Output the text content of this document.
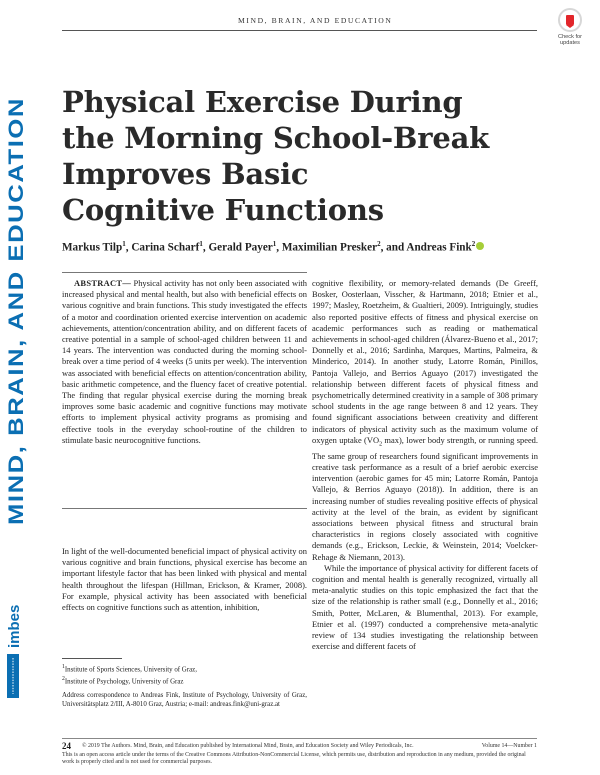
MIND, BRAIN, AND EDUCATION
Check for updates
MIND, BRAIN, AND EDUCATION
imbes
Physical Exercise During
the Morning School-Break
Improves Basic
Cognitive Functions
Markus Tilp$^1$, Carina Scharf$^1$, Gerald Payer$^1$, Maximilian Presker$^2$, and Andreas Fink$^2$

ABSTRACT— Physical activity has not only been associated with increased physical and mental health, but also with beneficial effects on various cognitive and brain functions. This study investigated the effects of a motor and coordination oriented exercise intervention on academic achievements, attention/concentration ability, and on different facets of creative potential in a sample of school-aged children between 11 and 14 years. The intervention was conducted during the morning school-break over a time period of 4 weeks (5 units per week). The intervention was associated with beneficial effects on attention/concentration ability, basic arithmetic competence, and the fluency facet of creative potential. The finding that regular physical exercise during the morning break improves some basic academic and cognitive functions may motivate efforts to implement physical activity programs as promising and effective tools in the everyday school-routine of the children to stimulate basic neurocognitive functions.

In light of the well-documented beneficial impact of physical activity on various cognitive and brain functions, physical exercise has become an important lifestyle factor that has been linked with physical and mental health throughout the lifespan (Hillman, Erickson, & Kramer, 2008). For example, physical activity has been associated with beneficial effects on cognitive functions such as attention, inhibition,

cognitive flexibility, or memory-related demands (De Greeff, Bosker, Oosterlaan, Visscher, & Hartmann, 2018; Etnier et al., 1997; Masley, Roetzheim, & Gualtieri, 2009). Intriguingly, studies also reported positive effects of fitness and physical exercise on academic performances such as reading or mathematical achievements in school-aged children (Álvarez-Bueno et al., 2017; Donnelly et al., 2016; Sardinha, Marques, Martins, Palmeira, & Minderico, 2014). In another study, Latorre Román, Pinillos, Pantoja Vallejo, and Berrios Aguayo (2017) investigated the relationship between different facets of physical fitness and psychometrically determined creativity in a sample of 308 primary school students in the age range between 8 and 12 years. They found significant associations between creativity and different indicators of physical activity such as the maximum volume of oxygen uptake ($VO_2$ max), lower body strength, or running speed. The same group of researchers found significant improvements in creative task performance as a result of a brief aerobic exercise intervention (aerobic games for 45 min; Latorre Román, Pantoja Vallejo, & Berrios Aguayo (2018)). In addition, there is an increasing number of studies revealing positive effects of physical activity at the level of the brain, as evident by significant associations between physical fitness and structural brain characteristics in regions closely associated with cognitive demands (e.g., Erickson, Leckie, & Weinstein, 2014; Voelcker-Rehage & Niemann, 2013).

While the importance of physical activity for different facets of cognition and mental health is generally recognized, virtually all meta-analytic studies on this topic emphasized the fact that the size of the relationship is rather small (e.g., Donnelly et al., 2016; Smith, Potter, McLaren, & Blumenthal, 2013). For example, Etnier et al. (1997) conducted a comprehensive meta-analytic review of 134 studies investigating the relationship between exercise and different facets of

$^1$Institute of Sports Sciences, University of Graz,

$^2$Institute of Psychology, University of Graz

Address correspondence to Andreas Fink, Institute of Psychology, University of Graz, Universitätsplatz 2/III, A-8010 Graz, Austria; e-mail: andreas.fink@uni-graz.at

24 © 2019 The Authors. Mind, Brain, and Education published by International Mind, Brain, and Education Society and Wiley Periodicals, Inc.	Volume 14—Number 1
This is an open access article under the terms of the Creative Commons Attribution-NonCommercial License, which permits use, distribution and reproduction in any medium, provided the original work is properly cited and is not used for commercial purposes.
